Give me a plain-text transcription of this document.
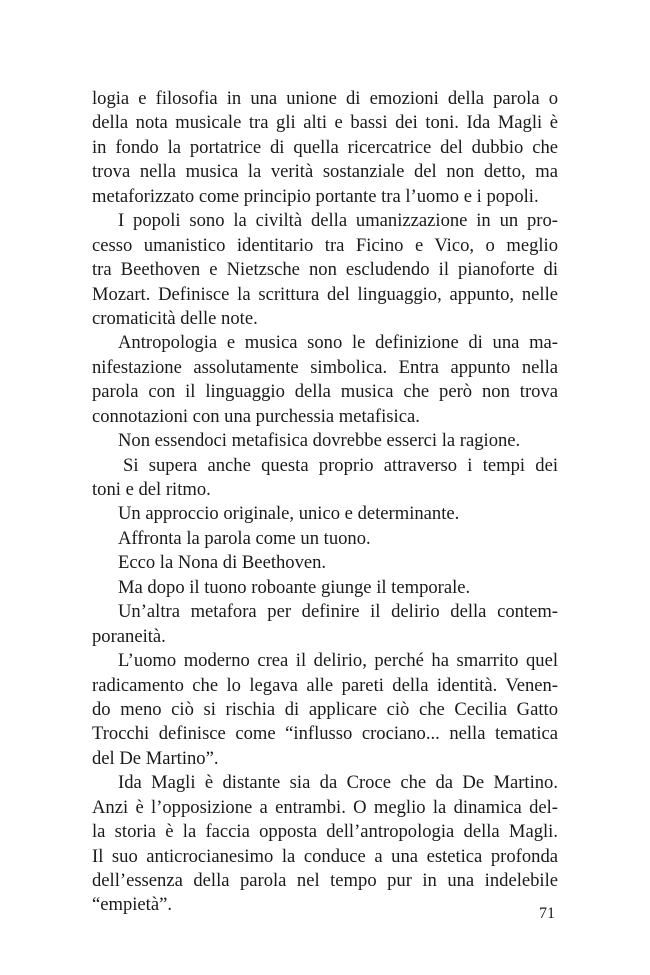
logia e filosofia in una unione di emozioni della parola o
della nota musicale tra gli alti e bassi dei toni. Ida Magli è
in fondo la portatrice di quella ricercatrice del dubbio che
trova nella musica la verità sostanziale del non detto, ma
metaforizzato come principio portante tra l’uomo e i popoli.
I popoli sono la civiltà della umanizzazione in un pro-
cesso umanistico identitario tra Ficino e Vico, o meglio
tra Beethoven e Nietzsche non escludendo il pianoforte di
Mozart. Definisce la scrittura del linguaggio, appunto, nelle
cromaticità delle note.
Antropologia e musica sono le definizione di una ma-
nifestazione assolutamente simbolica. Entra appunto nella
parola con il linguaggio della musica che però non trova
connotazioni con una purchessia metafisica.
Non essendoci metafisica dovrebbe esserci la ragione.
Si supera anche questa proprio attraverso i tempi dei
toni e del ritmo.
Un approccio originale, unico e determinante.
Affronta la parola come un tuono.
Ecco la Nona di Beethoven.
Ma dopo il tuono roboante giunge il temporale.
Un’altra metafora per definire il delirio della contem-
poraneità.
L’uomo moderno crea il delirio, perché ha smarrito quel
radicamento che lo legava alle pareti della identità. Venen-
do meno ciò si rischia di applicare ciò che Cecilia Gatto
Trocchi definisce come “influsso crociano... nella tematica
del De Martino”.
Ida Magli è distante sia da Croce che da De Martino.
Anzi è l’opposizione a entrambi. O meglio la dinamica del-
la storia è la faccia opposta dell’antropologia della Magli.
Il suo anticrocianesimo la conduce a una estetica profonda
dell’essenza della parola nel tempo pur in una indelebile
“empietà”.	71
